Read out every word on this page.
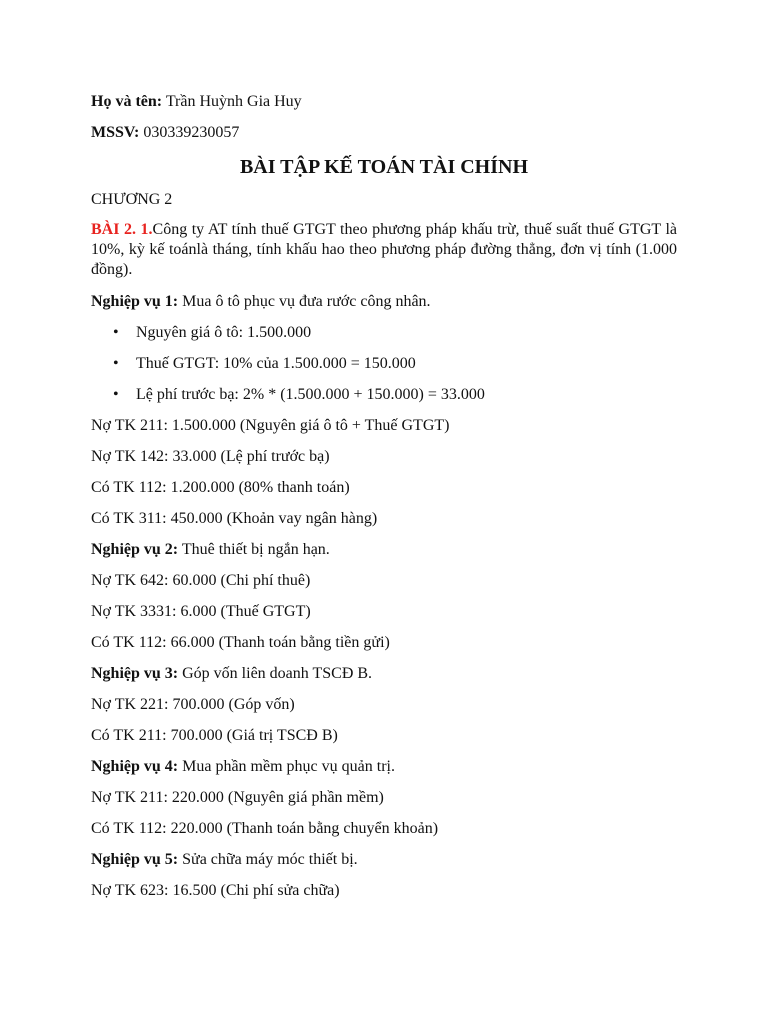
Họ và tên: Trần Huỳnh Gia Huy

MSSV: 030339230057

BÀI TẬP KẾ TOÁN TÀI CHÍNH

CHƯƠNG 2

BÀI 2. 1.Công ty AT tính thuế GTGT theo phương pháp khấu trừ, thuế suất thuế GTGT là 10%, kỳ kế toánlà tháng, tính khấu hao theo phương pháp đường thẳng, đơn vị tính (1.000 đồng).

Nghiệp vụ 1: Mua ô tô phục vụ đưa rước công nhân.

• Nguyên giá ô tô: 1.500.000
• Thuế GTGT: 10% của 1.500.000 = 150.000
• Lệ phí trước bạ: 2% * (1.500.000 + 150.000) = 33.000

Nợ TK 211: 1.500.000 (Nguyên giá ô tô + Thuế GTGT)

Nợ TK 142: 33.000 (Lệ phí trước bạ)

Có TK 112: 1.200.000 (80% thanh toán)

Có TK 311: 450.000 (Khoản vay ngân hàng)

Nghiệp vụ 2: Thuê thiết bị ngắn hạn.

Nợ TK 642: 60.000 (Chi phí thuê)

Nợ TK 3331: 6.000 (Thuế GTGT)

Có TK 112: 66.000 (Thanh toán bằng tiền gửi)

Nghiệp vụ 3: Góp vốn liên doanh TSCĐ B.

Nợ TK 221: 700.000 (Góp vốn)

Có TK 211: 700.000 (Giá trị TSCĐ B)

Nghiệp vụ 4: Mua phần mềm phục vụ quản trị.

Nợ TK 211: 220.000 (Nguyên giá phần mềm)

Có TK 112: 220.000 (Thanh toán bằng chuyển khoản)

Nghiệp vụ 5: Sửa chữa máy móc thiết bị.

Nợ TK 623: 16.500 (Chi phí sửa chữa)
